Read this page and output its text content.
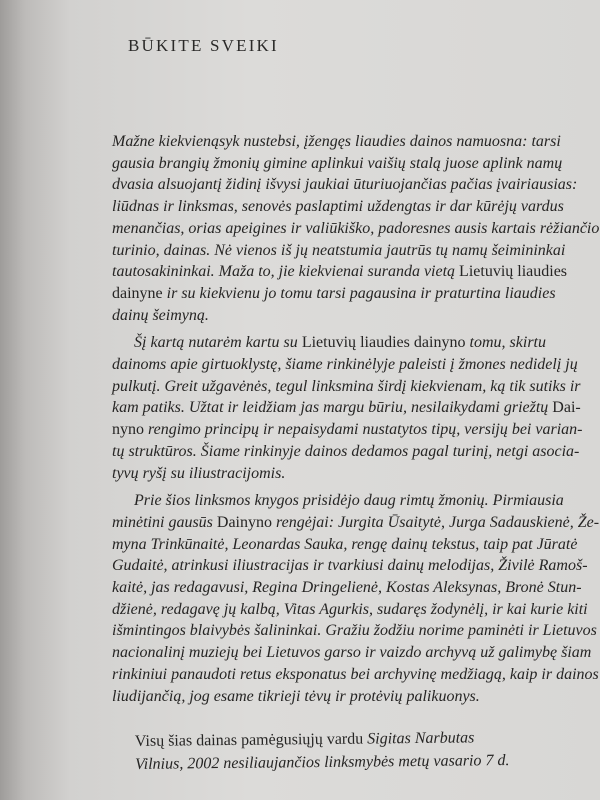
BŪKITE SVEIKI
Mažne kiekvienąsyk nustebsi, įžengęs liaudies dainos namuosna: tarsi
gausia brangių žmonių gimine aplinkui vaišių stalą juose aplink namų
dvasia alsuojantį židinį išvysi jaukiai ūturiuojančias pačias įvairiausias:
liūdnas ir linksmas, senovės paslaptimi uždengtas ir dar kūrėjų vardus
menančias, orias apeigines ir valiūkiško, padoresnes ausis kartais rėžiančio
turinio, dainas. Nė vienos iš jų neatstumia jautrūs tų namų šeimininkai
tautosakininkai. Maža to, jie kiekvienai suranda vietą Lietuvių liaudies
dainyne ir su kiekvienu jo tomu tarsi pagausina ir praturtina liaudies
dainų šeimyną.
Šį kartą nutarėm kartu su Lietuvių liaudies dainyno tomu, skirtu
dainoms apie girtuoklystę, šiame rinkinėlyje paleisti į žmones nedidelį jų
pulkutį. Greit užgavėnės, tegul linksmina širdį kiekvienam, ką tik sutiks ir
kam patiks. Užtat ir leidžiam jas margu būriu, nesilaikydami griežtų Dai-
nyno rengimo principų ir nepaisydami nustatytos tipų, versijų bei varian-
tų struktūros. Šiame rinkinyje dainos dedamos pagal turinį, netgi asocia-
tyvų ryšį su iliustracijomis.
Prie šios linksmos knygos prisidėjo daug rimtų žmonių. Pirmiausia
minėtini gausūs Dainyno rengėjai: Jurgita Ūsaitytė, Jurga Sadauskienė, Že-
myna Trinkūnaitė, Leonardas Sauka, rengę dainų tekstus, taip pat Jūratė
Gudaitė, atrinkusi iliustracijas ir tvarkiusi dainų melodijas, Živilė Ramoš-
kaitė, jas redagavusi, Regina Dringelienė, Kostas Aleksynas, Bronė Stun-
džienė, redagavę jų kalbą, Vitas Agurkis, sudaręs žodynėlį, ir kai kurie kiti
išmintingos blaivybės šalininkai. Gražiu žodžiu norime paminėti ir Lietuvos
nacionalinį muziejų bei Lietuvos garso ir vaizdo archyvą už galimybę šiam
rinkiniui panaudoti retus eksponatus bei archyvinę medžiagą, kaip ir dainos
liudijančią, jog esame tikrieji tėvų ir protėvių palikuonys.
Visų šias dainas pamėgusiųjų vardu Sigitas Narbutas
Vilnius, 2002 nesiliaujančios linksmybės metų vasario 7 d.
